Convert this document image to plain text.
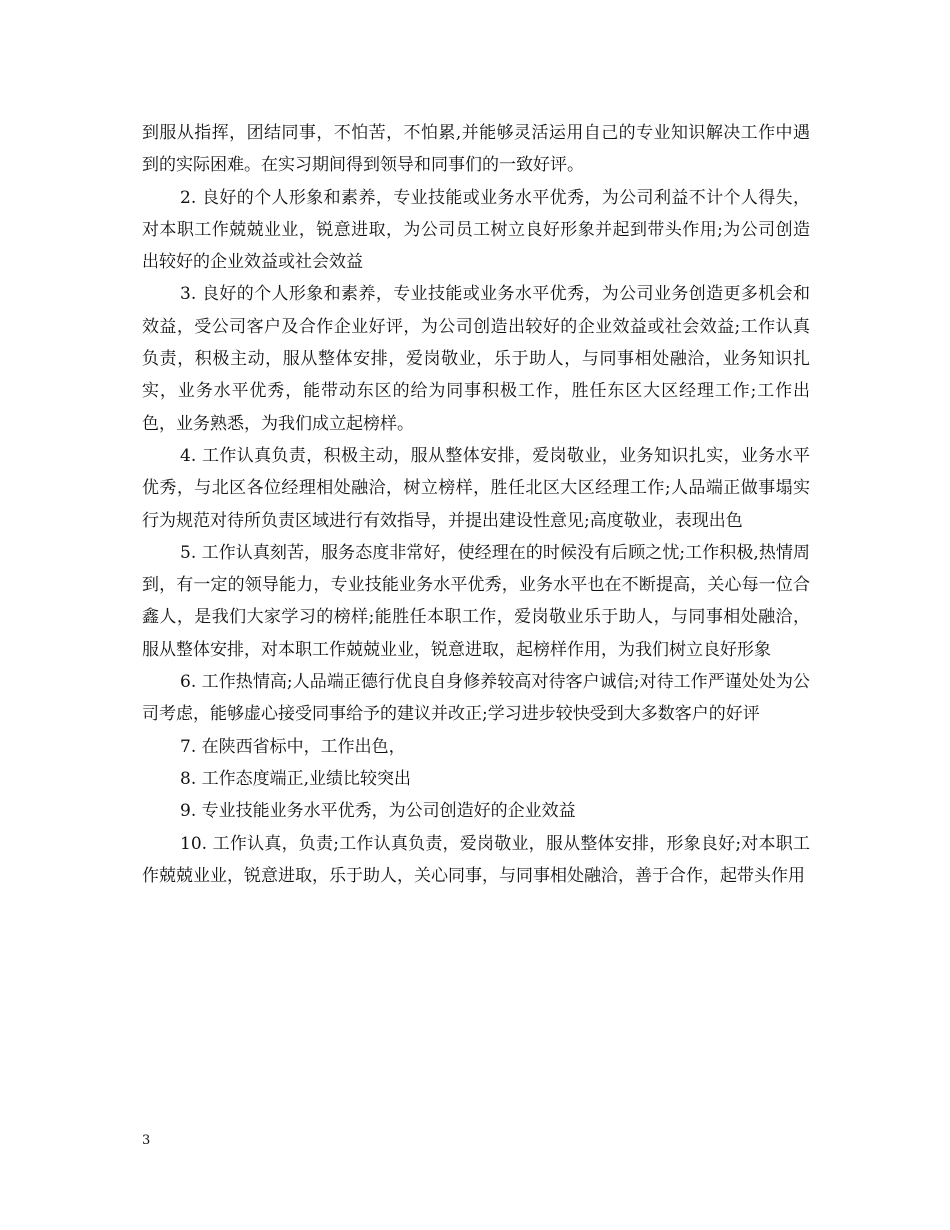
到服从指挥，团结同事，不怕苦，不怕累,并能够灵活运用自己的专业知识解决工作中遇到的实际困难。在实习期间得到领导和同事们的一致好评。

2. 良好的个人形象和素养，专业技能或业务水平优秀，为公司利益不计个人得失，对本职工作兢兢业业，锐意进取，为公司员工树立良好形象并起到带头作用;为公司创造出较好的企业效益或社会效益

3. 良好的个人形象和素养，专业技能或业务水平优秀，为公司业务创造更多机会和效益，受公司客户及合作企业好评，为公司创造出较好的企业效益或社会效益;工作认真负责，积极主动，服从整体安排，爱岗敬业，乐于助人，与同事相处融洽，业务知识扎实，业务水平优秀，能带动东区的给为同事积极工作，胜任东区大区经理工作;工作出色，业务熟悉，为我们成立起榜样。

4. 工作认真负责，积极主动，服从整体安排，爱岗敬业，业务知识扎实，业务水平优秀，与北区各位经理相处融洽，树立榜样，胜任北区大区经理工作;人品端正做事塌实行为规范对待所负责区域进行有效指导，并提出建设性意见;高度敬业，表现出色

5. 工作认真刻苦，服务态度非常好，使经理在的时候没有后顾之忧;工作积极,热情周到，有一定的领导能力，专业技能业务水平优秀，业务水平也在不断提高，关心每一位合鑫人，是我们大家学习的榜样;能胜任本职工作，爱岗敬业乐于助人，与同事相处融洽，服从整体安排，对本职工作兢兢业业，锐意进取，起榜样作用，为我们树立良好形象

6. 工作热情高;人品端正德行优良自身修养较高对待客户诚信;对待工作严谨处处为公司考虑，能够虚心接受同事给予的建议并改正;学习进步较快受到大多数客户的好评

7. 在陕西省标中，工作出色，

8. 工作态度端正,业绩比较突出

9. 专业技能业务水平优秀，为公司创造好的企业效益

10. 工作认真，负责;工作认真负责，爱岗敬业，服从整体安排，形象良好;对本职工作兢兢业业，锐意进取，乐于助人，关心同事，与同事相处融洽，善于合作，起带头作用

3
